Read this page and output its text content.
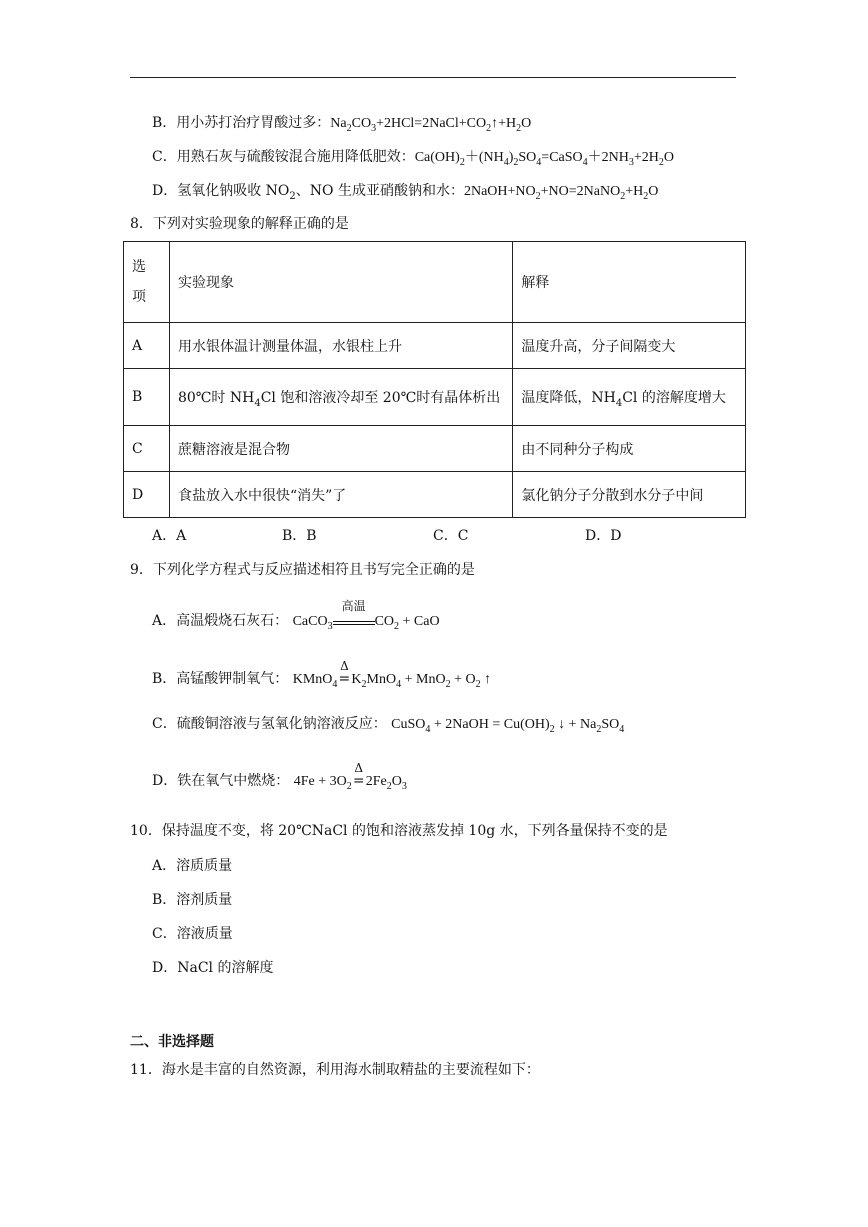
B．用小苏打治疗胃酸过多：$Na_2CO_3+2HCl=2NaCl+CO_2↑+H_2O$
C．用熟石灰与硫酸铵混合施用降低肥效：$Ca(OH)_2+(NH_4)_2SO_4=CaSO_4+2NH_3+2H_2O$
D．氢氧化钠吸收 $NO_2$、NO 生成亚硝酸钠和水：$2NaOH+NO_2+NO=2NaNO_2+H_2O$
8．下列对实验现象的解释正确的是
选
项	实验现象	解释
A	用水银体温计测量体温，水银柱上升	温度升高，分子间隔变大
B	80℃时 $NH_4Cl$ 饱和溶液冷却至 20℃时有晶体析出	温度降低，$NH_4Cl$ 的溶解度增大
C	蔗糖溶液是混合物	由不同种分子构成
D	食盐放入水中很快“消失”了	氯化钠分子分散到水分子中间
A．A	B．B	C．C	D．D
9．下列化学方程式与反应描述相符且书写完全正确的是
A．高温煅烧石灰石： CaCO$_3$
高温
$CO_2$ + CaO
B．高锰酸钾制氧气： KMnO$_4$
Δ
= $K_2MnO_4 + MnO_2 + O_2$ ↑
C．硫酸铜溶液与氢氧化钠溶液反应： CuSO$_4$ + 2NaOH = $Cu(OH)_2$ ↓ + $Na_2SO_4$
D．铁在氧气中燃烧： $4Fe + 3O_2$
Δ
= $2Fe_2O_3$
10．保持温度不变，将 20℃NaCl 的饱和溶液蒸发掉 10g 水，下列各量保持不变的是
A．溶质质量
B．溶剂质量
C．溶液质量
D．NaCl 的溶解度
二、非选择题
11．海水是丰富的自然资源，利用海水制取精盐的主要流程如下：
